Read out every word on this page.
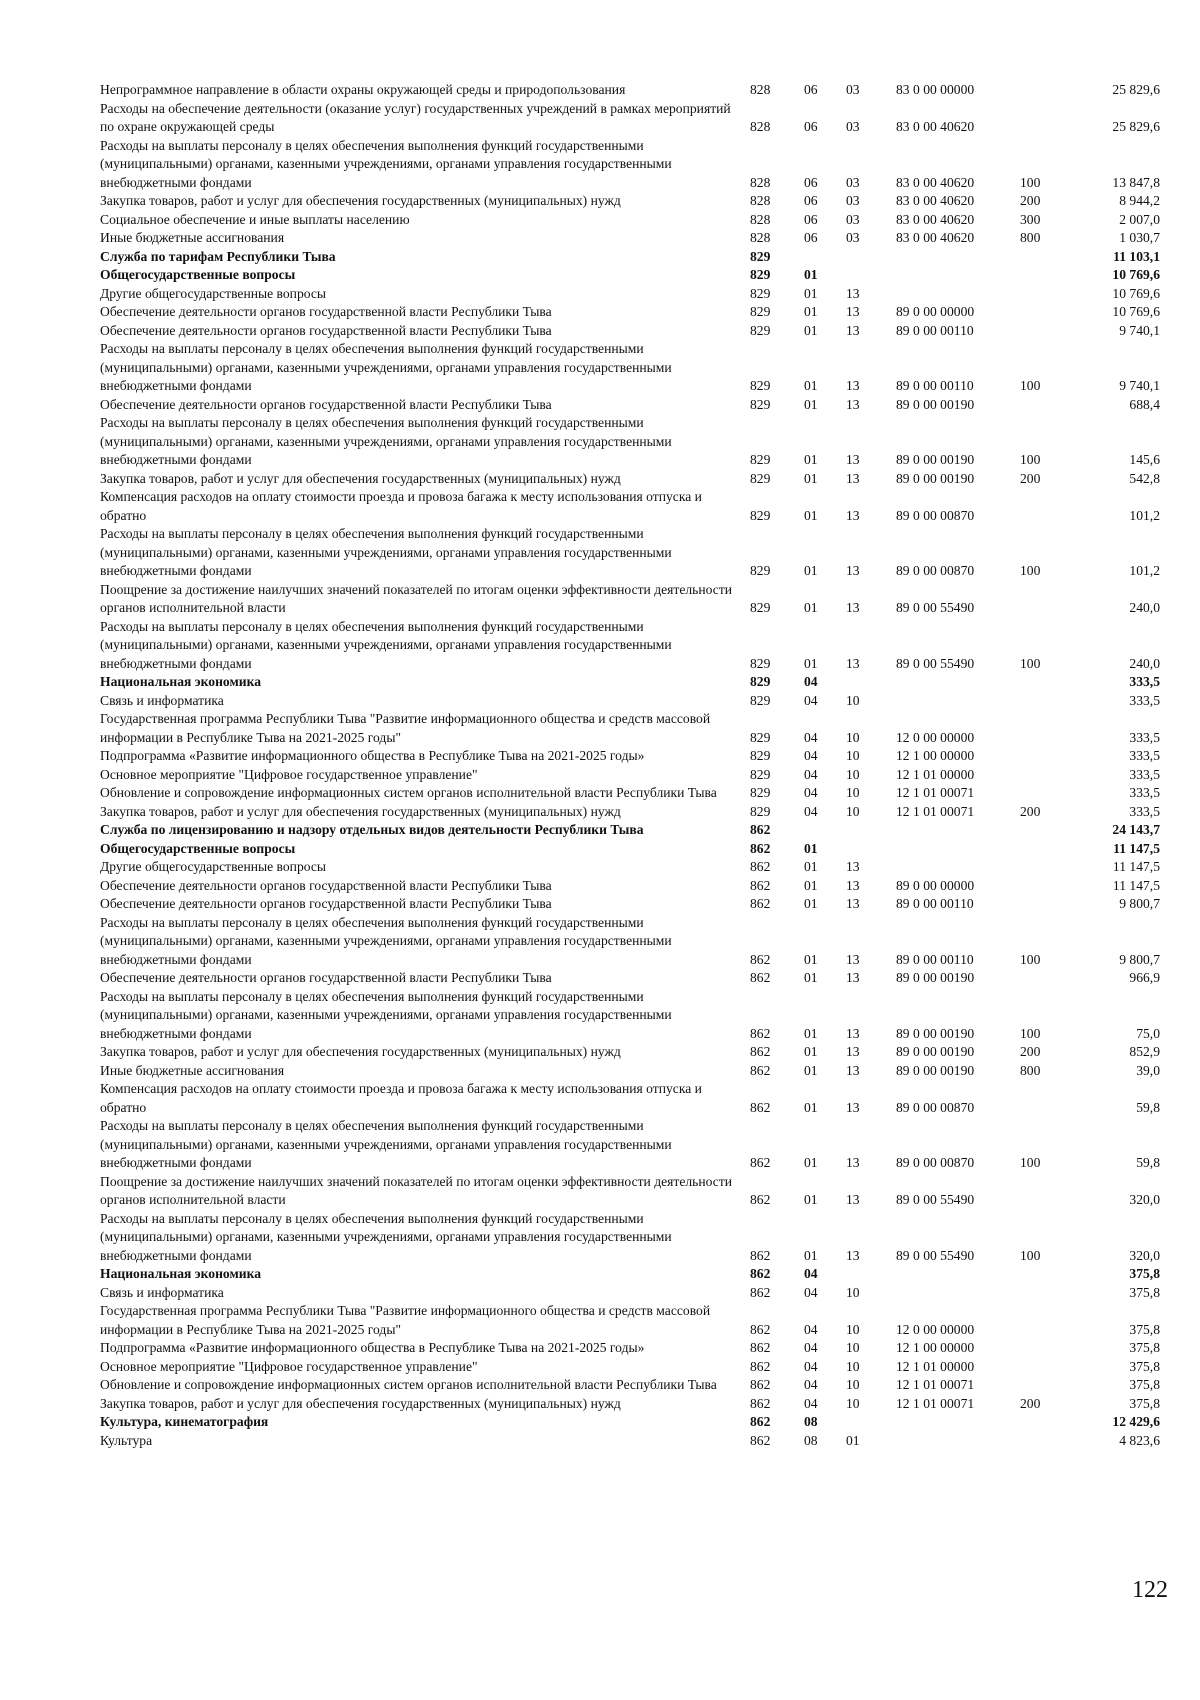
Непрограммное направление в области охраны окружающей среды и природопользования	828	06	03	83 0 00 00000		25 829,6
Расходы на обеспечение деятельности (оказание услуг) государственных учреждений в рамках мероприятий по охране окружающей среды	828	06	03	83 0 00 40620		25 829,6
Расходы на выплаты персоналу в целях обеспечения выполнения функций государственными (муниципальными) органами, казенными учреждениями, органами управления государственными внебюджетными фондами	828	06	03	83 0 00 40620	100	13 847,8
Закупка товаров, работ и услуг для обеспечения государственных (муниципальных) нужд	828	06	03	83 0 00 40620	200	8 944,2
Социальное обеспечение и иные выплаты населению	828	06	03	83 0 00 40620	300	2 007,0
Иные бюджетные ассигнования	828	06	03	83 0 00 40620	800	1 030,7
Служба по тарифам Республики Тыва	829					11 103,1
Общегосударственные вопросы	829	01				10 769,6
Другие общегосударственные вопросы	829	01	13			10 769,6
Обеспечение деятельности органов государственной власти Республики Тыва	829	01	13	89 0 00 00000		10 769,6
Обеспечение деятельности органов государственной власти Республики Тыва	829	01	13	89 0 00 00110		9 740,1
Расходы на выплаты персоналу в целях обеспечения выполнения функций государственными (муниципальными) органами, казенными учреждениями, органами управления государственными внебюджетными фондами	829	01	13	89 0 00 00110	100	9 740,1
Обеспечение деятельности органов государственной власти Республики Тыва	829	01	13	89 0 00 00190		688,4
Расходы на выплаты персоналу в целях обеспечения выполнения функций государственными (муниципальными) органами, казенными учреждениями, органами управления государственными внебюджетными фондами	829	01	13	89 0 00 00190	100	145,6
Закупка товаров, работ и услуг для обеспечения государственных (муниципальных) нужд	829	01	13	89 0 00 00190	200	542,8
Компенсация расходов на оплату стоимости проезда и провоза багажа к месту использования отпуска и обратно	829	01	13	89 0 00 00870		101,2
Расходы на выплаты персоналу в целях обеспечения выполнения функций государственными (муниципальными) органами, казенными учреждениями, органами управления государственными внебюджетными фондами	829	01	13	89 0 00 00870	100	101,2
Поощрение за достижение наилучших значений показателей по итогам оценки эффективности деятельности органов исполнительной власти	829	01	13	89 0 00 55490		240,0
Расходы на выплаты персоналу в целях обеспечения выполнения функций государственными (муниципальными) органами, казенными учреждениями, органами управления государственными внебюджетными фондами	829	01	13	89 0 00 55490	100	240,0
Национальная экономика	829	04				333,5
Связь и информатика	829	04	10			333,5
Государственная программа Республики Тыва "Развитие информационного общества и средств массовой информации в Республике Тыва на 2021-2025 годы"	829	04	10	12 0 00 00000		333,5
Подпрограмма «Развитие информационного общества в Республике Тыва на 2021-2025 годы»	829	04	10	12 1 00 00000		333,5
Основное мероприятие "Цифровое государственное управление"	829	04	10	12 1 01 00000		333,5
Обновление и сопровождение информационных систем органов исполнительной власти Республики Тыва	829	04	10	12 1 01 00071		333,5
Закупка товаров, работ и услуг для обеспечения государственных (муниципальных) нужд	829	04	10	12 1 01 00071	200	333,5
Служба по лицензированию и надзору отдельных видов деятельности Республики Тыва	862					24 143,7
Общегосударственные вопросы	862	01				11 147,5
Другие общегосударственные вопросы	862	01	13			11 147,5
Обеспечение деятельности органов государственной власти Республики Тыва	862	01	13	89 0 00 00000		11 147,5
Обеспечение деятельности органов государственной власти Республики Тыва	862	01	13	89 0 00 00110		9 800,7
Расходы на выплаты персоналу в целях обеспечения выполнения функций государственными (муниципальными) органами, казенными учреждениями, органами управления государственными внебюджетными фондами	862	01	13	89 0 00 00110	100	9 800,7
Обеспечение деятельности органов государственной власти Республики Тыва	862	01	13	89 0 00 00190		966,9
Расходы на выплаты персоналу в целях обеспечения выполнения функций государственными (муниципальными) органами, казенными учреждениями, органами управления государственными внебюджетными фондами	862	01	13	89 0 00 00190	100	75,0
Закупка товаров, работ и услуг для обеспечения государственных (муниципальных) нужд	862	01	13	89 0 00 00190	200	852,9
Иные бюджетные ассигнования	862	01	13	89 0 00 00190	800	39,0
Компенсация расходов на оплату стоимости проезда и провоза багажа к месту использования отпуска и обратно	862	01	13	89 0 00 00870		59,8
Расходы на выплаты персоналу в целях обеспечения выполнения функций государственными (муниципальными) органами, казенными учреждениями, органами управления государственными внебюджетными фондами	862	01	13	89 0 00 00870	100	59,8
Поощрение за достижение наилучших значений показателей по итогам оценки эффективности деятельности органов исполнительной власти	862	01	13	89 0 00 55490		320,0
Расходы на выплаты персоналу в целях обеспечения выполнения функций государственными (муниципальными) органами, казенными учреждениями, органами управления государственными внебюджетными фондами	862	01	13	89 0 00 55490	100	320,0
Национальная экономика	862	04				375,8
Связь и информатика	862	04	10			375,8
Государственная программа Республики Тыва "Развитие информационного общества и средств массовой информации в Республике Тыва на 2021-2025 годы"	862	04	10	12 0 00 00000		375,8
Подпрограмма «Развитие информационного общества в Республике Тыва на 2021-2025 годы»	862	04	10	12 1 00 00000		375,8
Основное мероприятие "Цифровое государственное управление"	862	04	10	12 1 01 00000		375,8
Обновление и сопровождение информационных систем органов исполнительной власти Республики Тыва	862	04	10	12 1 01 00071		375,8
Закупка товаров, работ и услуг для обеспечения государственных (муниципальных) нужд	862	04	10	12 1 01 00071	200	375,8
Культура, кинематография	862	08				12 429,6
Культура	862	08	01			4 823,6
122
